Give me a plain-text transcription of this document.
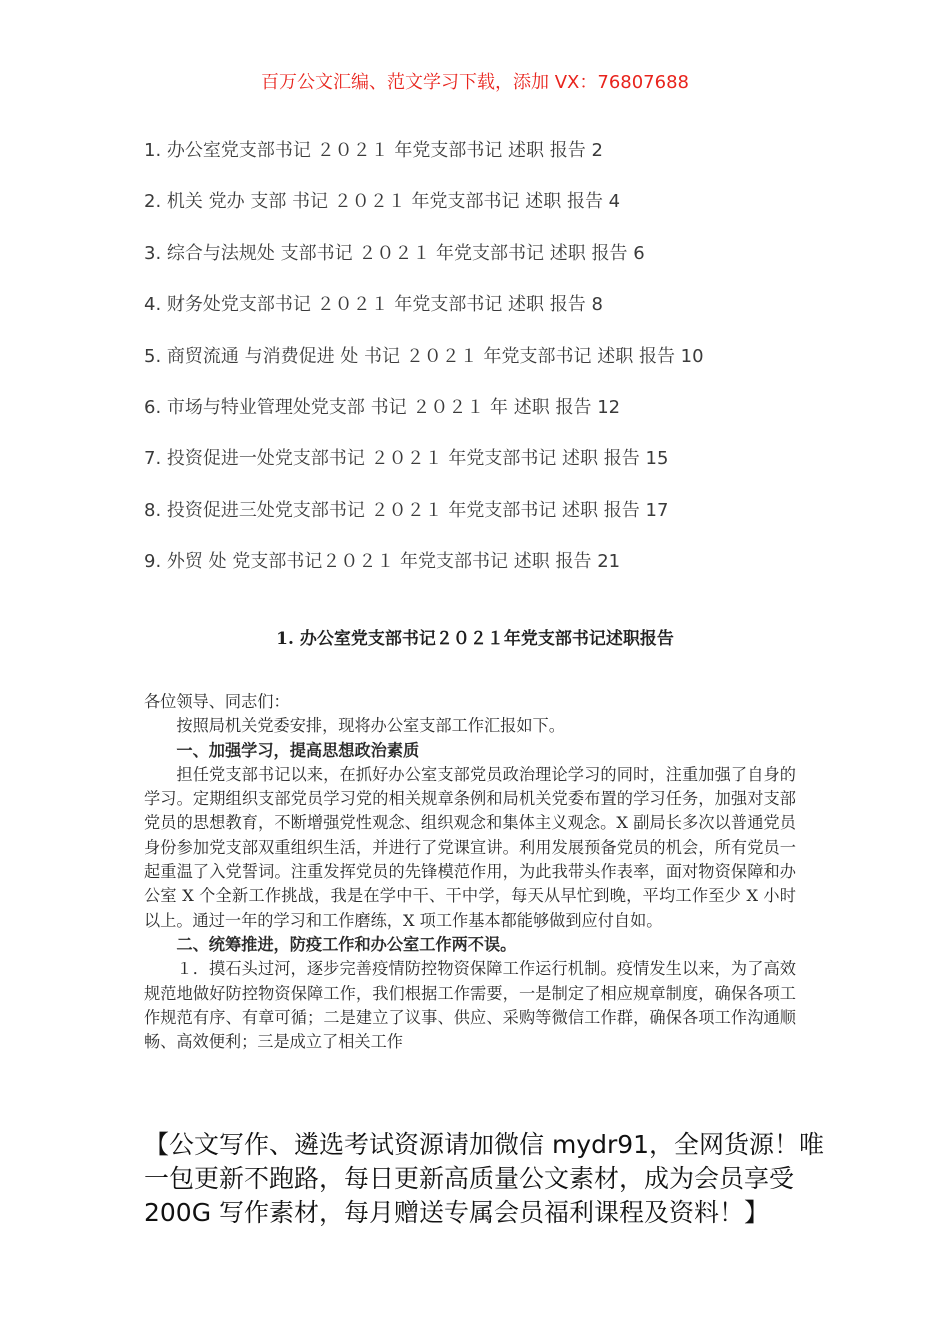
百万公文汇编、范文学习下载，添加 VX：76807688
1. 办公室党支部书记 ２０２１ 年党支部书记 述职 报告 2
2. 机关 党办 支部 书记 ２０２１ 年党支部书记 述职 报告 4
3. 综合与法规处 支部书记 ２０２１ 年党支部书记 述职 报告 6
4. 财务处党支部书记 ２０２１ 年党支部书记 述职 报告 8
5. 商贸流通 与消费促进 处 书记 ２０２１ 年党支部书记 述职 报告 10
6. 市场与特业管理处党支部 书记 ２０２１ 年 述职 报告 12
7. 投资促进一处党支部书记 ２０２１ 年党支部书记 述职 报告 15
8. 投资促进三处党支部书记 ２０２１ 年党支部书记 述职 报告 17
9. 外贸 处 党支部书记２０２１ 年党支部书记 述职 报告 21
1. 办公室党支部书记２０２１年党支部书记述职报告

各位领导、同志们：

按照局机关党委安排，现将办公室支部工作汇报如下。

一、加强学习，提高思想政治素质

担任党支部书记以来，在抓好办公室支部党员政治理论学习的同时，注重加强了自身的学习。定期组织支部党员学习党的相关规章条例和局机关党委布置的学习任务，加强对支部党员的思想教育，不断增强党性观念、组织观念和集体主义观念。X 副局长多次以普通党员身份参加党支部双重组织生活，并进行了党课宣讲。利用发展预备党员的机会，所有党员一起重温了入党誓词。注重发挥党员的先锋模范作用，为此我带头作表率，面对物资保障和办公室 X 个全新工作挑战，我是在学中干、干中学，每天从早忙到晚，平均工作至少 X 小时以上。通过一年的学习和工作磨练，X 项工作基本都能够做到应付自如。

二、统筹推进，防疫工作和办公室工作两不误。

１．摸石头过河，逐步完善疫情防控物资保障工作运行机制。疫情发生以来，为了高效规范地做好防控物资保障工作，我们根据工作需要，一是制定了相应规章制度，确保各项工作规范有序、有章可循；二是建立了议事、供应、采购等微信工作群，确保各项工作沟通顺畅、高效便利；三是成立了相关工作

【公文写作、遴选考试资源请加微信 mydr91，全网货源！唯一包更新不跑路，每日更新高质量公文素材，成为会员享受 200G 写作素材，每月赠送专属会员福利课程及资料！】
